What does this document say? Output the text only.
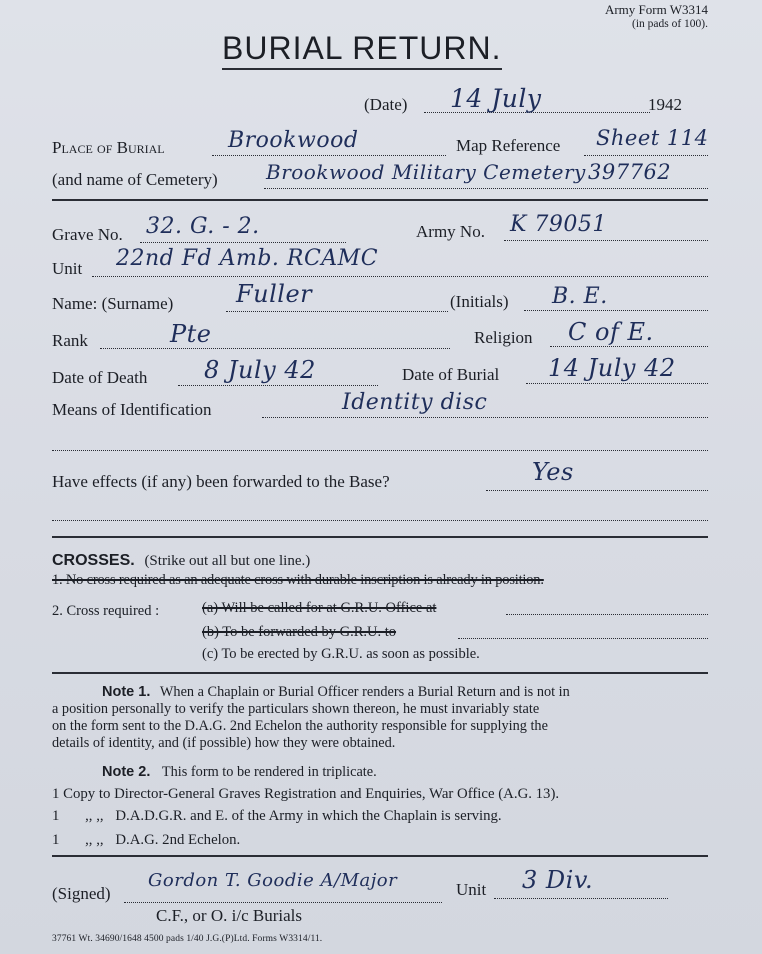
Army Form W3314
(in pads of 100).
BURIAL RETURN.
(Date) 14 July	1942
Place of Burial	Brookwood	Map Reference Sheet 114
(and name of Cemetery) Brookwood Military Cemetery 397762
Grave No. 32. G. - 2.	Army No. K 79051
Unit 22nd Fd Amb. RCAMC
Name: (Surname)	Fuller	(Initials) B. E.
Rank	Pte	Religion C of E.
Date of Death 8 July 42	Date of Burial 14 July 42
Means of Identification	Identity disc
Have effects (if any) been forwarded to the Base?	Yes
CROSSES. (Strike out all but one line.)
1. No cross required as an adequate cross with durable inscription is already in position.
2. Cross required :	(a) Will be called for at G.R.U. Office at
(b) To be forwarded by G.R.U. to
(c) To be erected by G.R.U. as soon as possible.
Note 1. When a Chaplain or Burial Officer renders a Burial Return and is not in
a position personally to verify the particulars shown thereon, he must invariably state
on the form sent to the D.A.G. 2nd Echelon the authority responsible for supplying the
details of identity, and (if possible) how they were obtained.
Note 2. This form to be rendered in triplicate.
1 Copy to Director-General Graves Registration and Enquiries, War Office (A.G. 13).
1 ,, ,, D.A.D.G.R. and E. of the Army in which the Chaplain is serving.
1 ,, ,, D.A.G. 2nd Echelon.
(Signed)
Gordon T. Goodie A/Major	Unit 3 Div.
C.F., or O. i/c Burials
37761 Wt. 34690/1648 4500 pads 1/40 J.G.(P)Ltd. Forms W3314/11.
